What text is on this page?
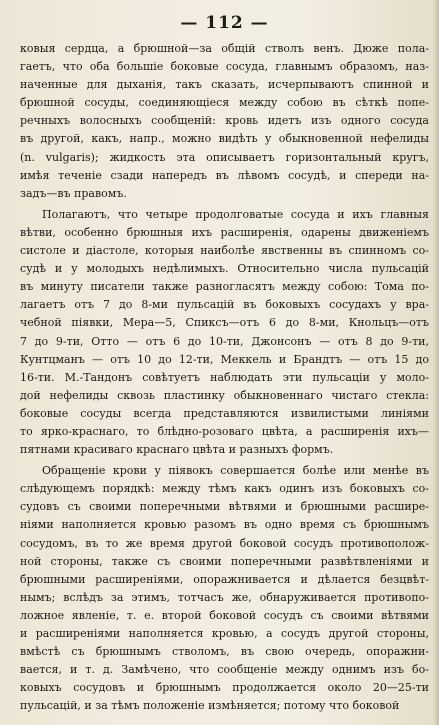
— 112 —

ковыя сердца, а брюшной—за общій стволъ венъ. Дюже пола-
гаетъ, что оба большіе боковые сосуда, главнымъ образомъ, наз-
наченные для дыханія, такъ сказать, исчерпываютъ спинной и
брюшной сосуды, соединяющіеся между собою въ сѣткѣ попе-
речныхъ волосныхъ сообщеній: кровь идетъ изъ одного сосуда
въ другой, какъ, напр., можно видѣть у обыкновенной нефелиды
(n. vulgaris); жидкость эта описываетъ горизонтальный кругъ,
имѣя теченіе сзади напередъ въ лѣвомъ сосудѣ, и спереди на-
задъ—въ правомъ.

Полагаютъ, что четыре продолговатые сосуда и ихъ главныя
вѣтви, особенно брюшныя ихъ расширенія, одарены движеніемъ
систоле и діастоле, которыя наиболѣе явственны въ спинномъ со-
судѣ и у молодыхъ недѣлимыхъ. Относительно числа пульсацій
въ минуту писатели также разногласятъ между собою: Тома по-
лагаетъ отъ 7 до 8-ми пульсацій въ боковыхъ сосудахъ у вра-
чебной піявки, Мера—5, Спиксъ—отъ 6 до 8-ми, Кнольцъ—отъ
7 до 9-ти, Отто — отъ 6 до 10-ти, Джонсонъ — отъ 8 до 9-ти,
Кунтцманъ — отъ 10 до 12-ти, Меккель и Брандтъ — отъ 15 до
16-ти. М.-Тандонъ совѣтуетъ наблюдать эти пульсаціи у моло-
дой нефелиды сквозь пластинку обыкновеннаго чистаго стекла:
боковые сосуды всегда представляются извилистыми линіями
то ярко-краснаго, то блѣдно-розоваго цвѣта, а расширенія ихъ—
пятнами красиваго краснаго цвѣта и разныхъ формъ.

Обращеніе крови у піявокъ совершается болѣе или менѣе въ
слѣдующемъ порядкѣ: между тѣмъ какъ одинъ изъ боковыхъ со-
судовъ съ своими поперечными вѣтвями и брюшными расшире-
ніями наполняется кровью разомъ въ одно время съ брюшнымъ
сосудомъ, въ то же время другой боковой сосудъ противополож-
ной стороны, также съ своими поперечными развѣтвленіями и
брюшными расширеніями, опоражнивается и дѣлается безцвѣт-
нымъ; вслѣдъ за этимъ, тотчасъ же, обнаруживается противопо-
ложное явленіе, т. е. второй боковой сосудъ съ своими вѣтвями
и расширеніями наполняется кровью, а сосудъ другой стороны,
вмѣстѣ съ брюшнымъ стволомъ, въ свою очередь, опоражни-
вается, и т. д. Замѣчено, что сообщеніе между однимъ изъ бо-
ковыхъ сосудовъ и брюшнымъ продолжается около 20—25-ти
пульсацій, и за тѣмъ положеніе измѣняется; потому что боковой
